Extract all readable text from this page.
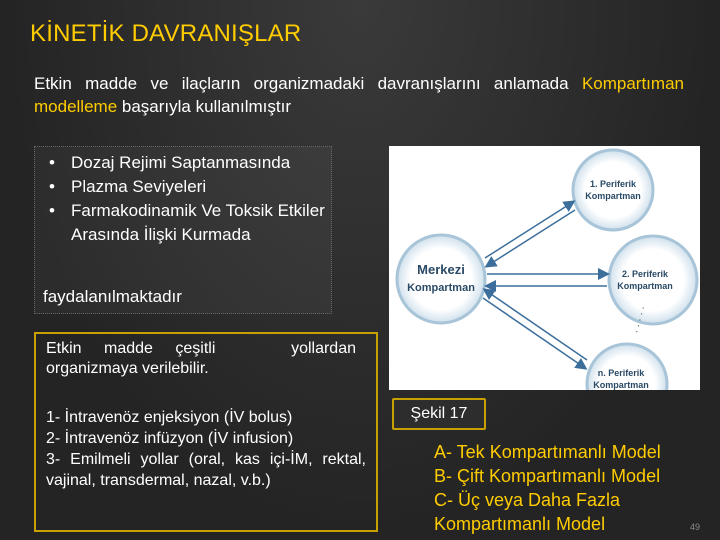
KİNETİK DAVRANIŞLAR
Etkin madde ve ilaçların organizmadaki davranışlarını anlamada Kompartıman modelleme başarıyla kullanılmıştır
• Dozaj Rejimi Saptanmasında
• Plazma Seviyeleri
• Farmakodinamik Ve Toksik Etkiler Arasında İlişki Kurmada
faydalanılmaktadır
Etkin madde çeşitli	yollardan
organizmaya verilebilir.
1- İntravenöz enjeksiyon (İV bolus)
2- İntravenöz infüzyon (İV infusion)
3- Emilmeli yollar (oral, kas içi-İM, rektal, vajinal, transdermal, nazal, v.b.)
Merkezi
Kompartman
1. Periferik
Kompartman
2. Periferik
Kompartman
n. Periferik
Kompartman
· · · · ·
Şekil 17
A- Tek Kompartımanlı Model
B- Çift Kompartımanlı Model
C- Üç veya Daha Fazla
Kompartımanlı Model	49
